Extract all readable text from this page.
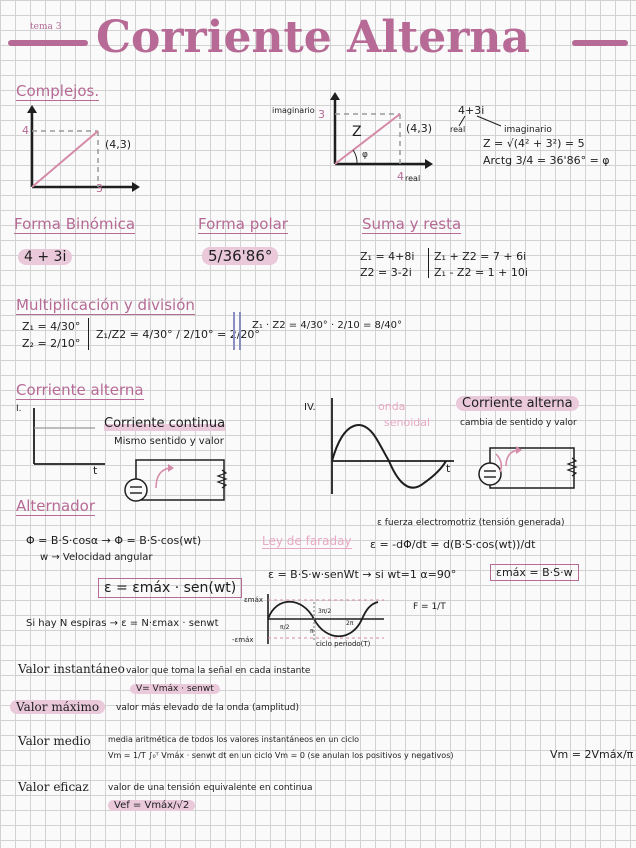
tema 3 Corriente Alterna
Complejos.
(4,3)
4
3
imaginario 3
Z
φ
(4,3)
4 real
4+3i
real	imaginario
Z = √(4² + 3²) = 5
Arctg 3/4 = 36'86° = φ
Forma Binómica
4 + 3i
Forma polar
5/36'86°
Suma y resta
Z₁ = 4+8i
Z2 = 3-2i
Z₁ + Z2 = 7 + 6i
Z₁ - Z2 = 1 + 10i
Multiplicación y división
Z₁ = 4/30°
Z₂ = 2/10°
Z₁/Z2 = 4/30° / 2/10° = 2/20°
Z₁ · Z2 = 4/30° · 2/10 = 8/40°
Corriente alterna
I.
t
Corriente continua
Mismo sentido y valor
IV.	onda
senoidal
t
Corriente alterna
cambia de sentido y valor
Alternador
Φ = B·S·cosα → Φ = B·S·cos(wt)
w → Velocidad angular
Ley de faraday
ε fuerza electromotriz (tensión generada)
ε = -dΦ/dt = d(B·S·cos(wt))/dt
ε = B·S·w·senWt → si wt=1 α=90°	εmáx = B·S·w
ε = εmáx · sen(wt)
Si hay N espiras → ε = N·εmax · senwt
εmáx
-εmáx
3π/2
π/2
2π
π
ciclo periodo(T)
F = 1/T
Valor instantáneo valor que toma la señal en cada instante
V= Vmáx · senwt
Valor máximo	valor más elevado de la onda (amplitud)
Valor medio media aritmética de todos los valores instantáneos en un ciclo
Vm = 1/T ∫₀ᵀ Vmáx · senwt dt en un ciclo Vm = 0 (se anulan los positivos y negativos)	Vm = 2Vmáx/π
Valor eficaz valor de una tensión equivalente en continua
Vef = Vmáx/√2
